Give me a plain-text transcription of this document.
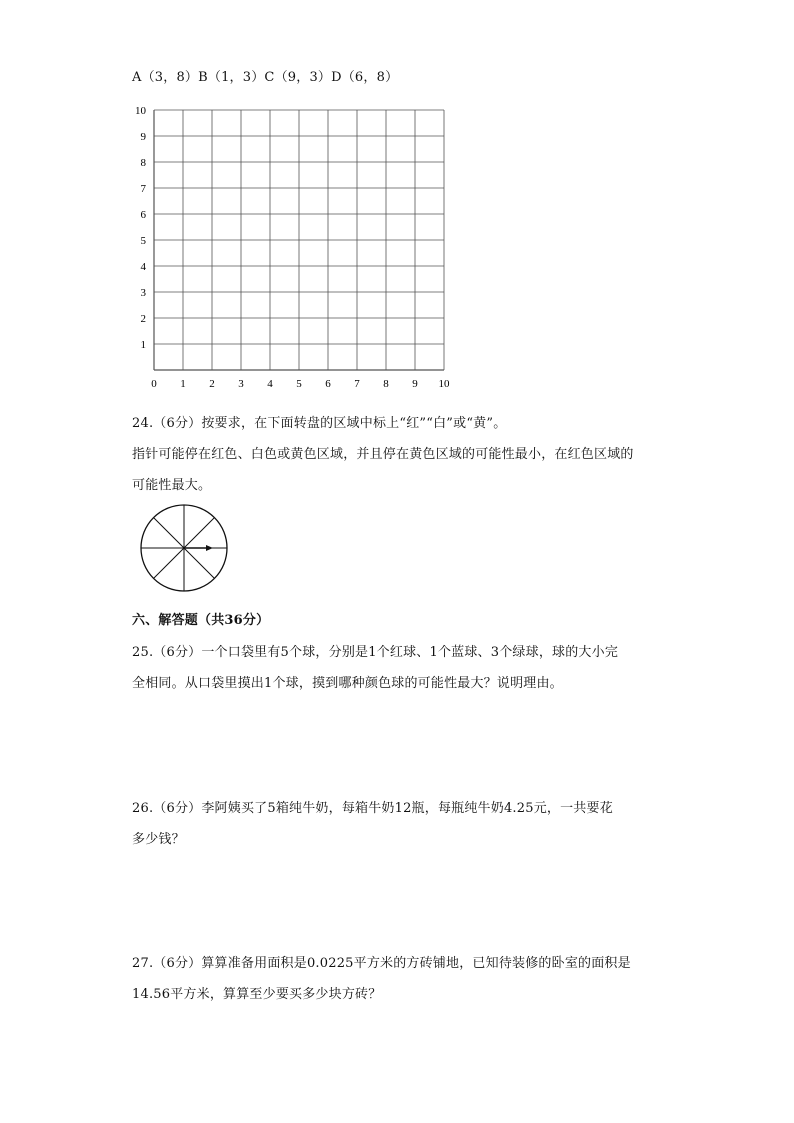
A（3，8）B（1，3）C（9，3）D（6，8）
0 1 2 3 4 5 6 7 8 9 10
1
2
3
4
5
6
7
8
9
10
24.（6分）按要求，在下面转盘的区域中标上“红”“白”或“黄”。
指针可能停在红色、白色或黄色区域，并且停在黄色区域的可能性最小，在红色区域的
可能性最大。
六、解答题（共36分）
25.（6分）一个口袋里有5个球，分别是1个红球、1个蓝球、3个绿球，球的大小完
全相同。从口袋里摸出1个球，摸到哪种颜色球的可能性最大？说明理由。
26.（6分）李阿姨买了5箱纯牛奶，每箱牛奶12瓶，每瓶纯牛奶4.25元，一共要花
多少钱？
27.（6分）算算准备用面积是0.0225平方米的方砖铺地，已知待装修的卧室的面积是
14.56平方米，算算至少要买多少块方砖？
